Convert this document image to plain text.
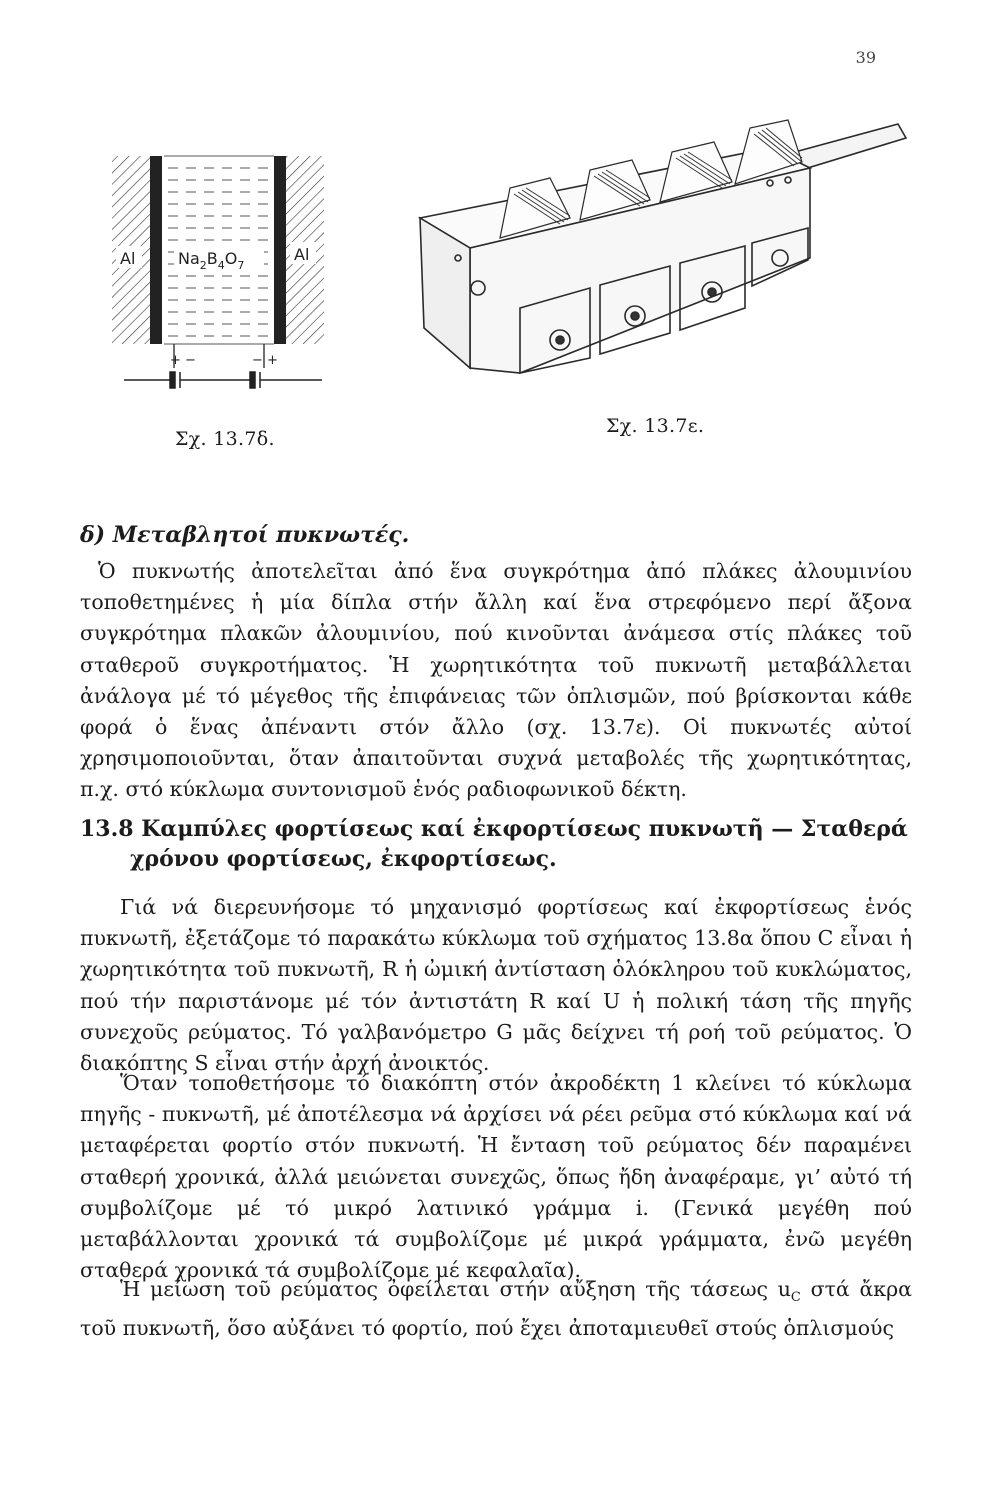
39
Al	Al
$Na_2B_4O_7$
+ −	− +
Σχ. 13.7δ.
Σχ. 13.7ε.
δ) Μεταβλητοί πυκνωτές.

Ὁ πυκνωτής ἀποτελεῖται ἀπό ἕνα συγκρότημα ἀπό πλάκες ἀλουμινίου τοποθετημένες ἡ μία δίπλα στήν ἄλλη καί ἕνα στρεφόμενο περί ἄξονα συγκρότημα πλακῶν ἀλουμινίου, πού κινοῦνται ἀνάμεσα στίς πλάκες τοῦ σταθεροῦ συγκροτήματος. Ἡ χωρητικότητα τοῦ πυκνωτῆ μεταβάλλεται ἀνάλογα μέ τό μέγεθος τῆς ἐπιφάνειας τῶν ὁπλισμῶν, πού βρίσκονται κάθε φορά ὁ ἕνας ἀπέναντι στόν ἄλλο (σχ. 13.7ε). Οἱ πυκνωτές αὐτοί χρησιμοποιοῦνται, ὅταν ἀπαιτοῦνται συχνά μεταβολές τῆς χωρητικότητας, π.χ. στό κύκλωμα συντονισμοῦ ἑνός ραδιοφωνικοῦ δέκτη.

13.8 Καμπύλες φορτίσεως καί ἐκφορτίσεως πυκνωτῆ — Σταθερά χρόνου φορτίσεως, ἐκφορτίσεως.

Γιά νά διερευνήσομε τό μηχανισμό φορτίσεως καί ἐκφορτίσεως ἑνός πυκνωτῆ, ἐξετάζομε τό παρακάτω κύκλωμα τοῦ σχήματος 13.8α ὅπου C εἶναι ἡ χωρητικότητα τοῦ πυκνωτῆ, R ἡ ὠμική ἀντίσταση ὁλόκληρου τοῦ κυκλώματος, πού τήν παριστάνομε μέ τόν ἀντιστάτη R καί U ἡ πολική τάση τῆς πηγῆς συνεχοῦς ρεύματος. Τό γαλβανόμετρο G μᾶς δείχνει τή ροή τοῦ ρεύματος. Ὁ διακόπτης S εἶναι στήν ἀρχή ἀνοικτός.

Ὅταν τοποθετήσομε τό διακόπτη στόν ἀκροδέκτη 1 κλείνει τό κύκλωμα πηγῆς - πυκνωτῆ, μέ ἀποτέλεσμα νά ἀρχίσει νά ρέει ρεῦμα στό κύκλωμα καί νά μεταφέρεται φορτίο στόν πυκνωτή. Ἡ ἔνταση τοῦ ρεύματος δέν παραμένει σταθερή χρονικά, ἀλλά μειώνεται συνεχῶς, ὅπως ἤδη ἀναφέραμε, γι’ αὐτό τή συμβολίζομε μέ τό μικρό λατινικό γράμμα i. (Γενικά μεγέθη πού μεταβάλλονται χρονικά τά συμβολίζομε μέ μικρά γράμματα, ἐνῶ μεγέθη σταθερά χρονικά τά συμβολίζομε μέ κεφαλαῖα).

Ἡ μείωση τοῦ ρεύματος ὀφείλεται στήν αὔξηση τῆς τάσεως $u_C$ στά ἄκρα τοῦ πυκνωτῆ, ὅσο αὐξάνει τό φορτίο, πού ἔχει ἀποταμιευθεῖ στούς ὁπλισμούς
